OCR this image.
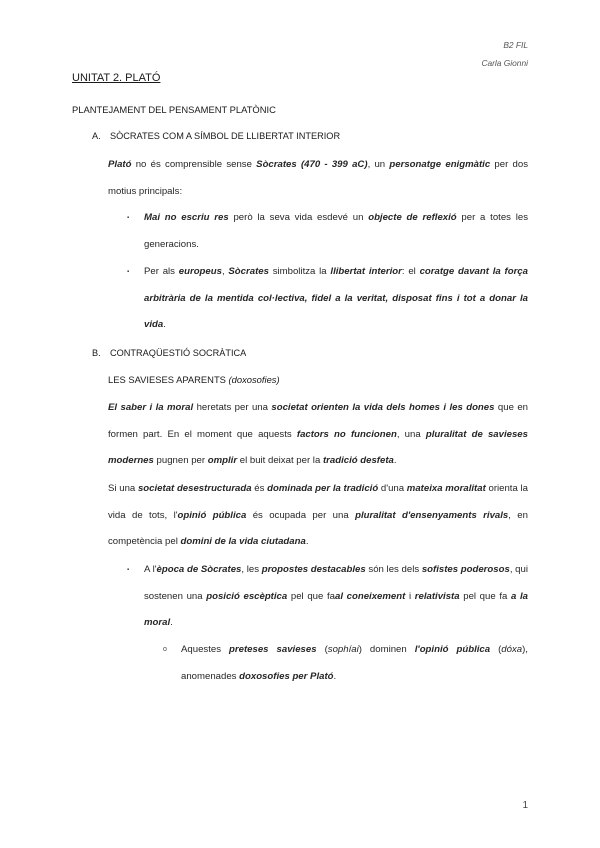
B2 FIL
Carla Gionni
UNITAT 2. PLATÓ
PLANTEJAMENT DEL PENSAMENT PLATÒNIC
A. SÒCRATES COM A SÍMBOL DE LLIBERTAT INTERIOR
Plató no és comprensible sense Sòcrates (470 - 399 aC), un personatge enigmàtic per dos motius principals:
▪ Mai no escriu res però la seva vida esdevé un objecte de reflexió per a totes les generacions.
▪ Per als europeus, Sòcrates simbolitza la llibertat interior: el coratge davant la força arbitrària de la mentida col·lectiva, fidel a la veritat, disposat fins i tot a donar la vida.
B. CONTRAQÜESTIÓ SOCRÀTICA
LES SAVIESES APARENTS (doxosofies)
El saber i la moral heretats per una societat orienten la vida dels homes i les dones que en formen part. En el moment que aquests factors no funcionen, una pluralitat de savieses modernes pugnen per omplir el buit deixat per la tradició desfeta.
Si una societat desestructurada és dominada per la tradició d'una mateixa moralitat orienta la vida de tots, l'opinió pública és ocupada per una pluralitat d'ensenyaments rivals, en competència pel domini de la vida ciutadana.
▪ A l'època de Sòcrates, les propostes destacables són les dels sofistes poderosos, qui sostenen una posició escèptica pel que faal coneixement i relativista pel que fa a la moral.
o Aquestes preteses savieses (sophíai) dominen l'opinió pública (dóxa), anomenades doxosofies per Plató.
1
